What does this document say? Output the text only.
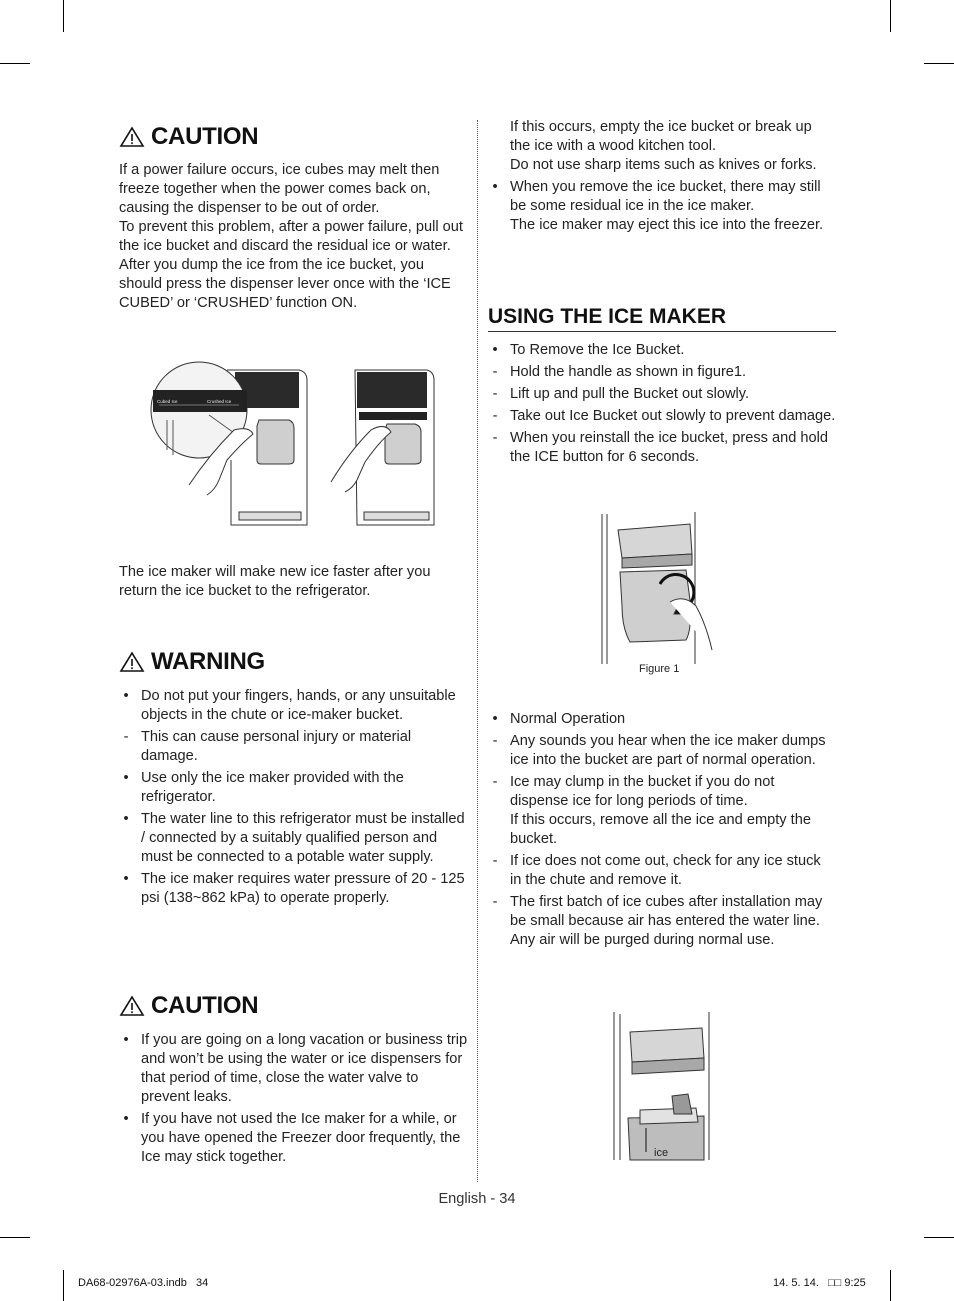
CAUTION

If a power failure occurs, ice cubes may melt then freeze together when the power comes back on, causing the dispenser to be out of order.

To prevent this problem, after a power failure, pull out the ice bucket and discard the residual ice or water.

After you dump the ice from the ice bucket, you should press the dispenser lever once with the ‘ICE CUBED’ or ‘CRUSHED’ function ON.

Cubed Ice	Crushed Ice

The ice maker will make new ice faster after you return the ice bucket to the refrigerator.

WARNING
• Do not put your fingers, hands, or any unsuitable objects in the chute or ice-maker bucket.
- This can cause personal injury or material damage.
• Use only the ice maker provided with the refrigerator.
• The water line to this refrigerator must be installed / connected by a suitably qualified person and must be connected to a potable water supply.
• The ice maker requires water pressure of 20 - 125 psi (138~862 kPa) to operate properly.
CAUTION
• If you are going on a long vacation or business trip and won’t be using the water or ice dispensers for that period of time, close the water valve to prevent leaks.
• If you have not used the Ice maker for a while, or you have opened the Freezer door frequently, the Ice may stick together.

If this occurs, empty the ice bucket or break up the ice with a wood kitchen tool.

Do not use sharp items such as knives or forks.

• When you remove the ice bucket, there may still be some residual ice in the ice maker.

The ice maker may eject this ice into the freezer.

USING THE ICE MAKER
• To Remove the Ice Bucket.
- Hold the handle as shown in figure1.
- Lift up and pull the Bucket out slowly.
- Take out Ice Bucket out slowly to prevent damage.
- When you reinstall the ice bucket, press and hold the ICE button for 6 seconds.
Figure 1
• Normal Operation
- Any sounds you hear when the ice maker dumps ice into the bucket are part of normal operation.
- Ice may clump in the bucket if you do not dispense ice for long periods of time.
If this occurs, remove all the ice and empty the bucket.
- If ice does not come out, check for any ice stuck in the chute and remove it.
- The first batch of ice cubes after installation may be small because air has entered the water line.
Any air will be purged during normal use.
ice
English - 34
DA68-02976A-03.indb   34	14. 5. 14.   □□ 9:25
